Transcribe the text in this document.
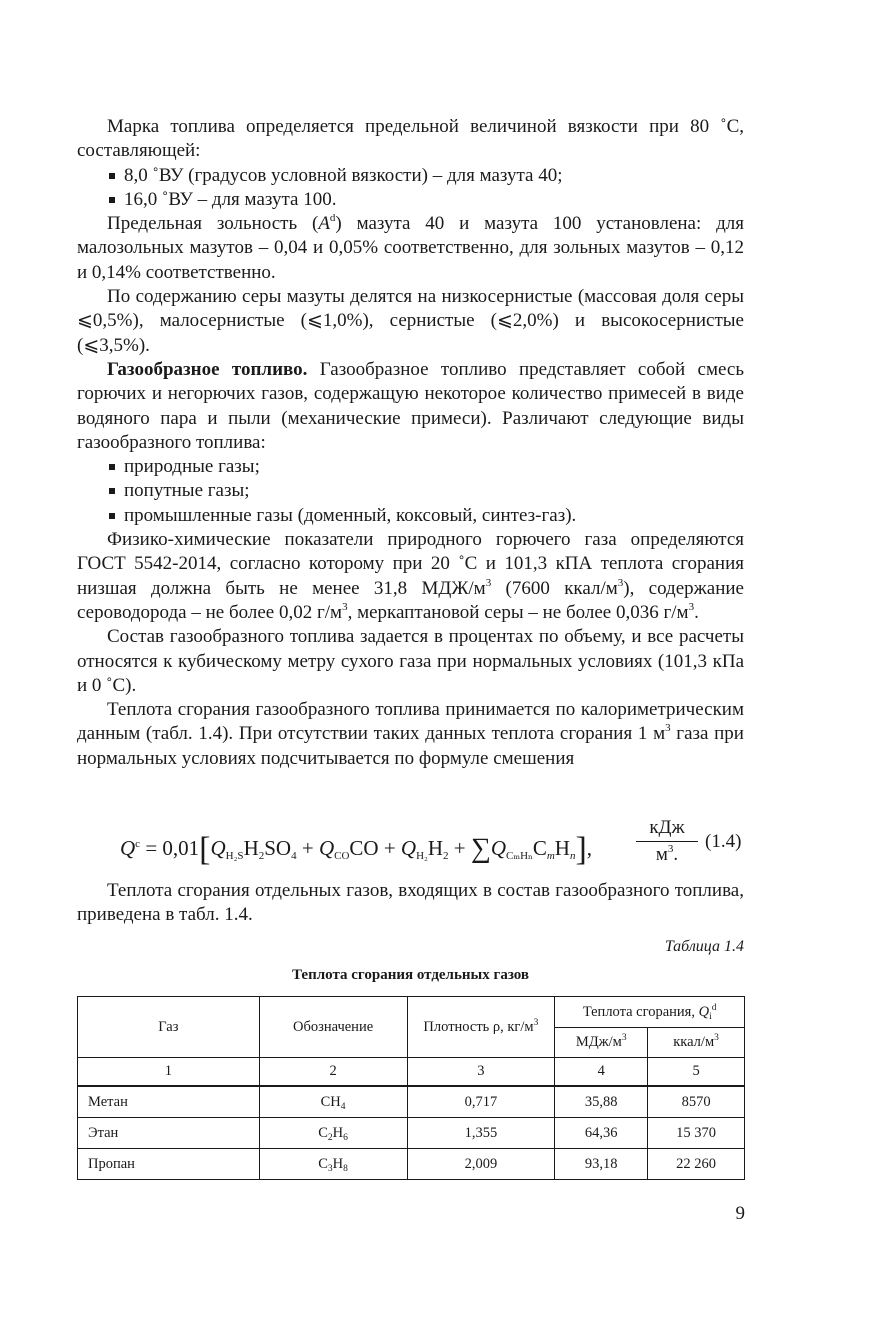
Марка топлива определяется предельной величиной вязкости при 80 ˚С, составляющей:

8,0 ˚ВУ (градусов условной вязкости) – для мазута 40;
16,0 ˚ВУ – для мазута 100.

Предельная зольность $(A^d)$ мазута 40 и мазута 100 установлена: для малозольных мазутов – 0,04 и 0,05% соответственно, для зольных мазутов – 0,12 и 0,14% соответственно.

По содержанию серы мазуты делятся на низкосернистые (массовая доля серы ⩽0,5%), малосернистые (⩽1,0%), сернистые (⩽2,0%) и высокосернистые (⩽3,5%).

Газообразное топливо. Газообразное топливо представляет собой смесь горючих и негорючих газов, содержащую некоторое количество примесей в виде водяного пара и пыли (механические примеси). Различают следующие виды газообразного топлива:

природные газы;
попутные газы;
промышленные газы (доменный, коксовый, синтез-газ).

Физико-химические показатели природного горючего газа определяются ГОСТ 5542-2014, согласно которому при 20 ˚С и 101,3 кПА теплота сгорания низшая должна быть не менее 31,8 МДЖ/$м^3$ (7600 ккал/$м^3$), содержание сероводорода – не более 0,02 $г/м^3$, меркаптановой серы – не более 0,036 $г/м^3$.

Состав газообразного топлива задается в процентах по объему, и все расчеты относятся к кубическому метру сухого газа при нормальных условиях (101,3 кПа и 0 ˚С).

Теплота сгорания газообразного топлива принимается по калориметрическим данным (табл. 1.4). При отсутствии таких данных теплота сгорания 1 $м^3$ газа при нормальных условиях подсчитывается по формуле смешения

$Q^c = 0,01[Q_{H_2S}H_2SO_4 + Q_{CO}CO + Q_{H_2}H_2 + \sum Q_{C_mH_n}C_mH_n]$,
кДж
$м^3$.
(1.4)

Теплота сгорания отдельных газов, входящих в состав газообразного топлива, приведена в табл. 1.4.

Таблица 1.4
Теплота сгорания отдельных газов
Газ	Обозначение	Плотность ρ, $кг/м^3$	Теплота сгорания, $Q_i^d$
			МДж/$м^3$	ккал/$м^3$
1	2	3	4	5
Метан	$CH_4$	0,717	35,88	8570
Этан	$C_2H_6$	1,355	64,36	15 370
Пропан	$C_3H_8$	2,009	93,18	22 260
9
